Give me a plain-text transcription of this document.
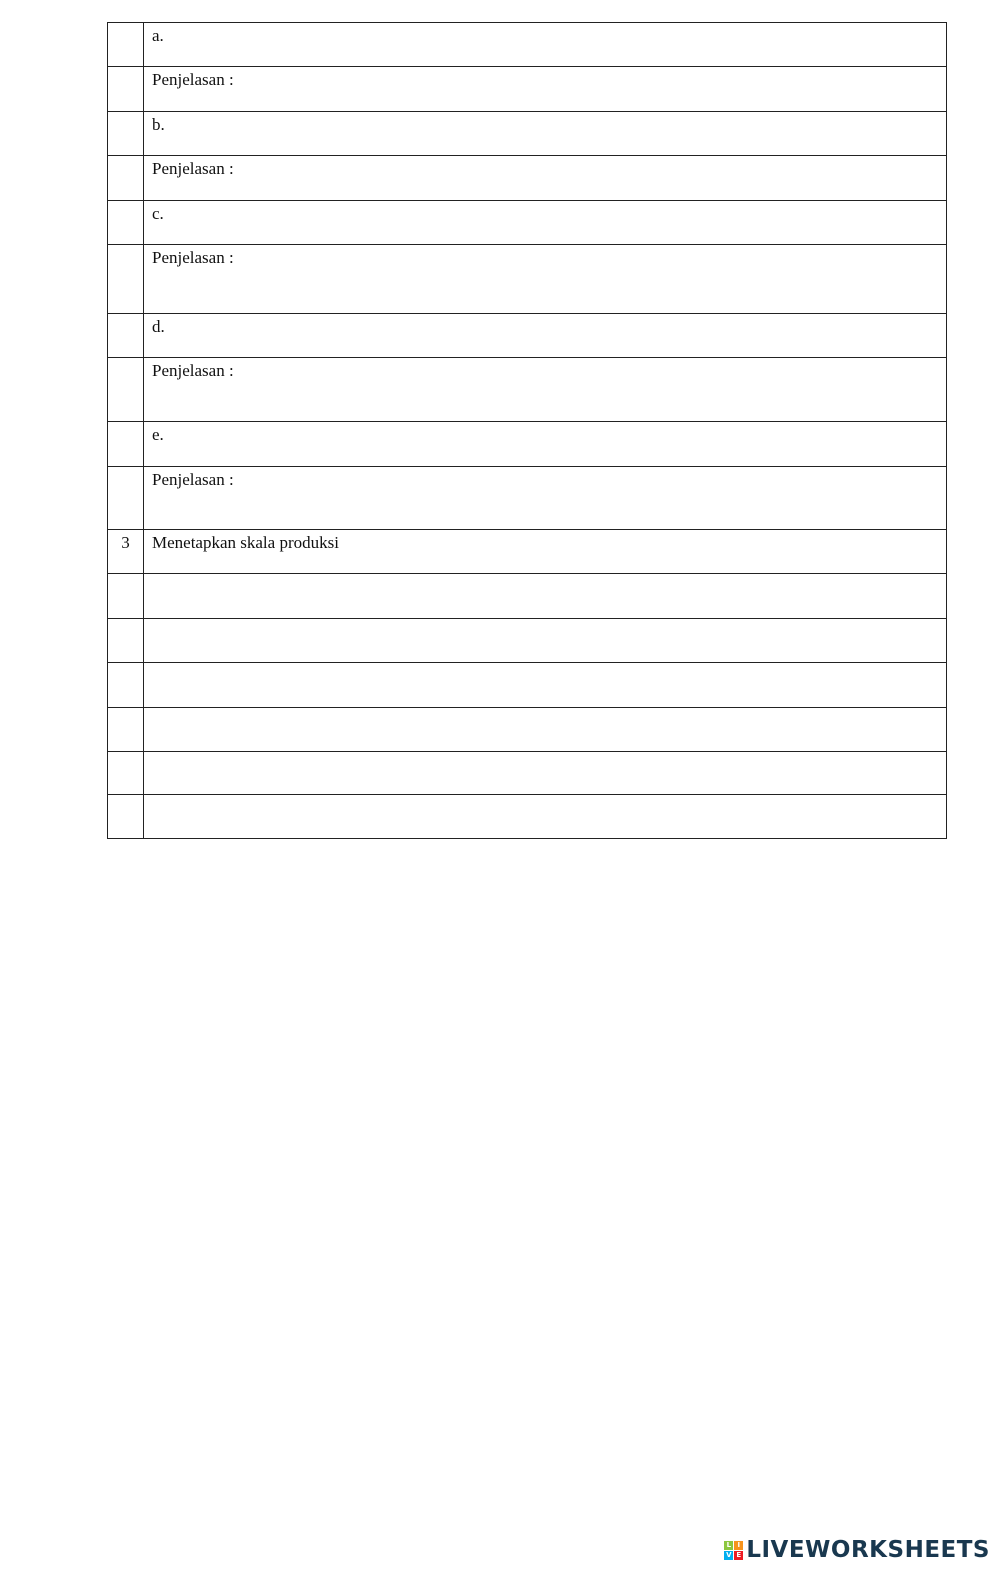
	a.
	Penjelasan :
	b.
	Penjelasan :
	c.
	Penjelasan :
	d.
	Penjelasan :
	e.
	Penjelasan :
3	Menetapkan skala produksi

L I
V E LIVEWORKSHEETS
